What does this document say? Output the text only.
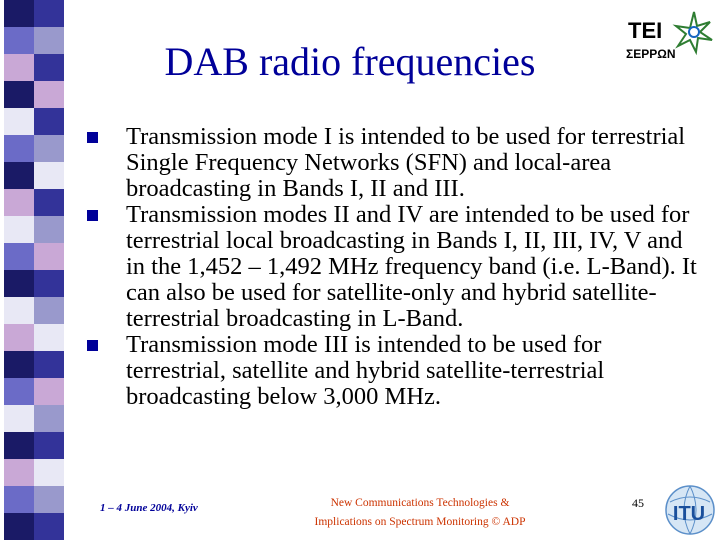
DAB radio frequencies
TEI
ΣΕΡΡΩΝ
Transmission mode I is intended to be used for terrestrial Single Frequency Networks (SFN) and local-area broadcasting in Bands I, II and III.
Transmission modes II and IV are intended to be used for terrestrial local broadcasting in Bands I, II, III, IV, V and in the 1,452 – 1,492 MHz frequency band (i.e. L-Band). It can also be used for satellite-only and hybrid satellite-terrestrial broadcasting in L-Band.
Transmission mode III is intended to be used for terrestrial, satellite and hybrid satellite-terrestrial broadcasting below 3,000 MHz.
1 – 4 June 2004, Kyiv	New Communications Technologies &
Implications on Spectrum Monitoring © ADP
45 ITU
